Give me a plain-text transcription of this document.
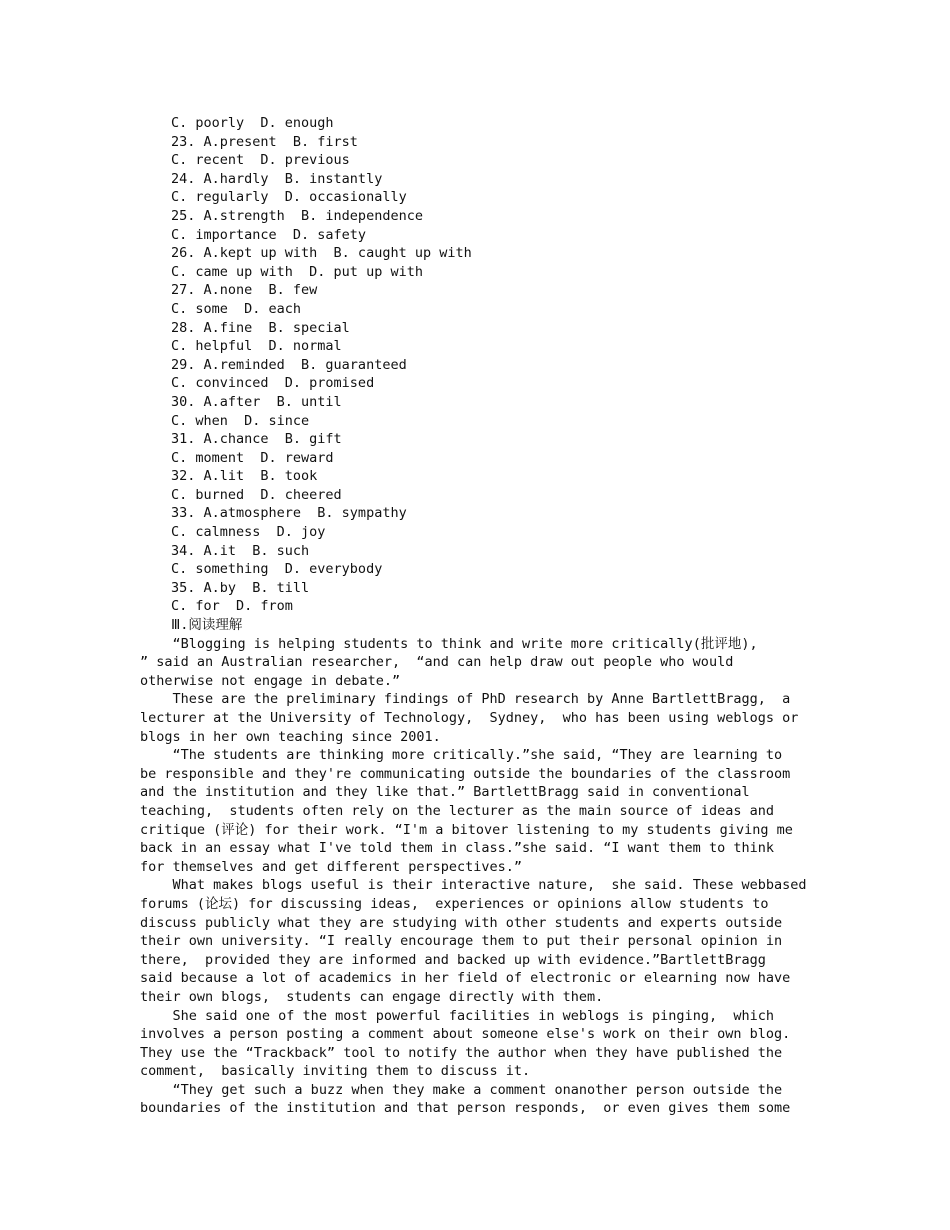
C. poorly  D. enough
23. A.present  B. first
C. recent  D. previous
24. A.hardly  B. instantly
C. regularly  D. occasionally
25. A.strength  B. independence
C. importance  D. safety
26. A.kept up with  B. caught up with
C. came up with  D. put up with
27. A.none  B. few
C. some  D. each
28. A.fine  B. special
C. helpful  D. normal
29. A.reminded  B. guaranteed
C. convinced  D. promised
30. A.after  B. until
C. when  D. since
31. A.chance  B. gift
C. moment  D. reward
32. A.lit  B. took
C. burned  D. cheered
33. A.atmosphere  B. sympathy
C. calmness  D. joy
34. A.it  B. such
C. something  D. everybody
35. A.by  B. till
C. for  D. from
Ⅲ.阅读理解
“Blogging is helping students to think and write more critically(批评地),
” said an Australian researcher,  “and can help draw out people who would
otherwise not engage in debate.”
These are the preliminary findings of PhD research by Anne BartlettBragg,  a
lecturer at the University of Technology,  Sydney,  who has been using weblogs or
blogs in her own teaching since 2001.
“The students are thinking more critically.”she said, “They are learning to
be responsible and they're communicating outside the boundaries of the classroom
and the institution and they like that.” BartlettBragg said in conventional
teaching,  students often rely on the lecturer as the main source of ideas and
critique (评论) for their work. “I'm a bitover listening to my students giving me
back in an essay what I've told them in class.”she said. “I want them to think
for themselves and get different perspectives.”
What makes blogs useful is their interactive nature,  she said. These webbased
forums (论坛) for discussing ideas,  experiences or opinions allow students to
discuss publicly what they are studying with other students and experts outside
their own university. “I really encourage them to put their personal opinion in
there,  provided they are informed and backed up with evidence.”BartlettBragg
said because a lot of academics in her field of electronic or elearning now have
their own blogs,  students can engage directly with them.
She said one of the most powerful facilities in weblogs is pinging,  which
involves a person posting a comment about someone else's work on their own blog.
They use the “Trackback” tool to notify the author when they have published the
comment,  basically inviting them to discuss it.
“They get such a buzz when they make a comment onanother person outside the
boundaries of the institution and that person responds,  or even gives them some
